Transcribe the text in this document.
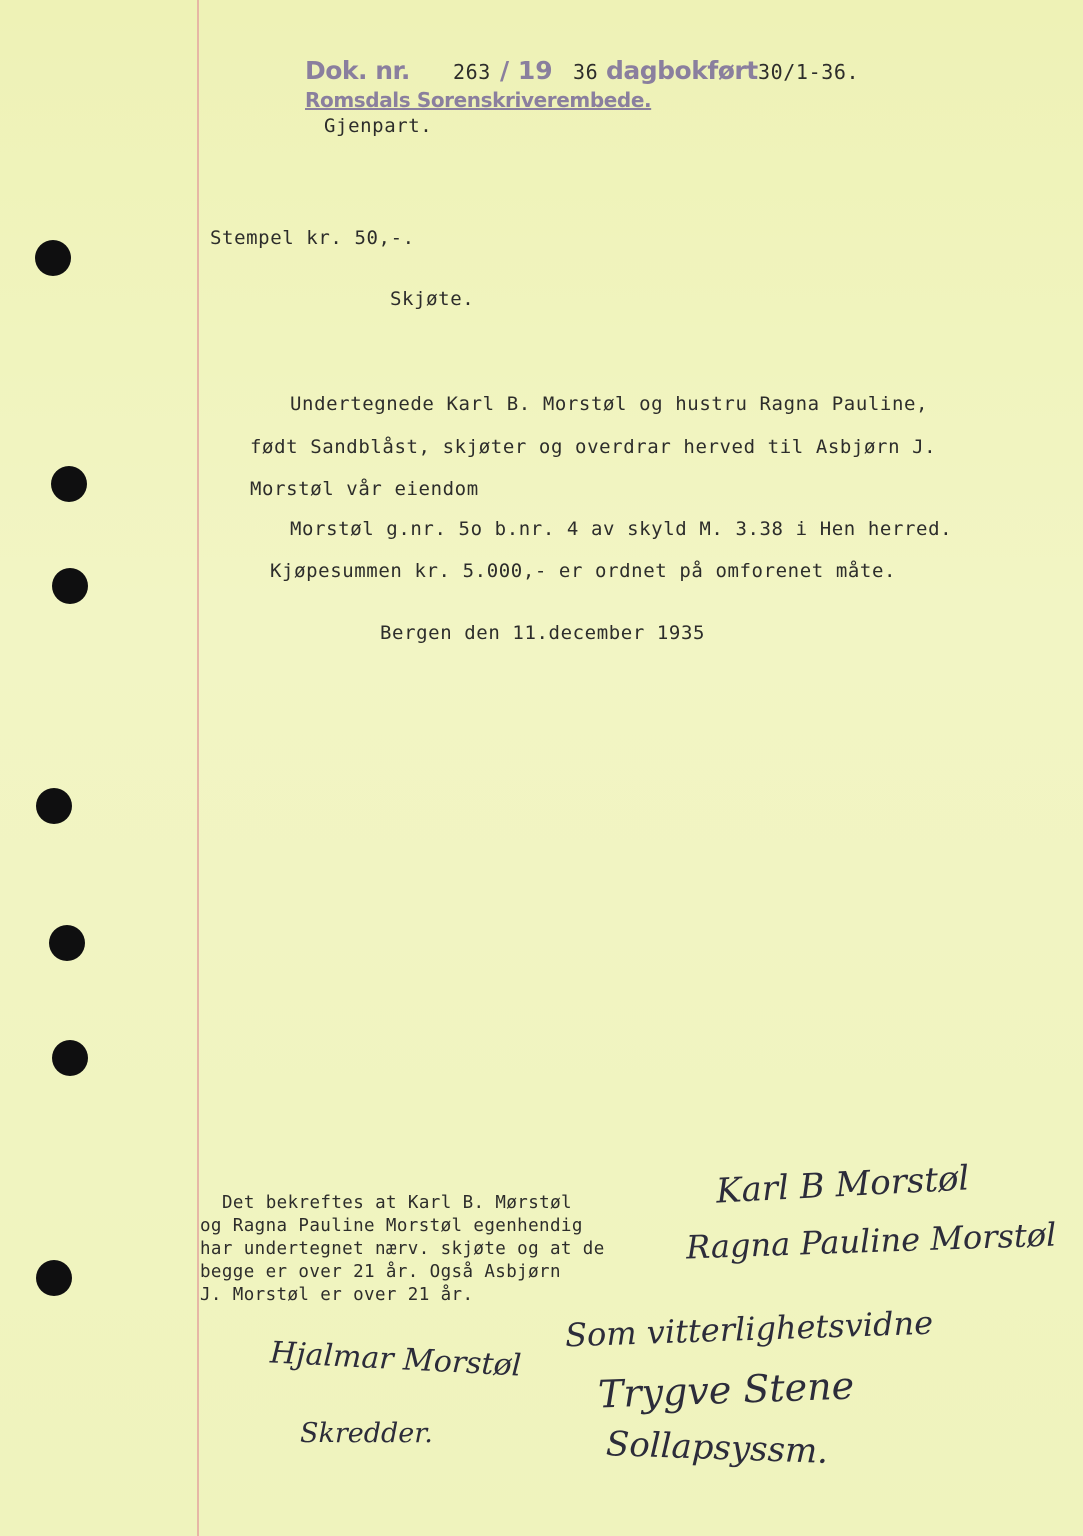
Dok. nr. 263 / 19 36 dagbokført 30/1-36.
Romsdals Sorenskriverembede.
Gjenpart.
Stempel kr. 50,-.
Skjøte.
Undertegnede Karl B. Morstøl og hustru Ragna Pauline,
født Sandblåst, skjøter og overdrar herved til Asbjørn J.
Morstøl vår eiendom
Morstøl g.nr. 5o b.nr. 4 av skyld M. 3.38 i Hen herred.
Kjøpesummen kr. 5.000,- er ordnet på omforenet måte.
Bergen den 11.december 1935
Karl B Morstøl
Ragna Pauline Morstøl
Det bekreftes at Karl B. Mørstøl
og Ragna Pauline Morstøl egenhendig
har undertegnet nærv. skjøte og at de
begge er over 21 år. Også Asbjørn
J. Morstøl er over 21 år.
Hjalmar Morstøl
Skredder.
Som vitterlighetsvidne
Trygve Stene
Sollapsyssm.
